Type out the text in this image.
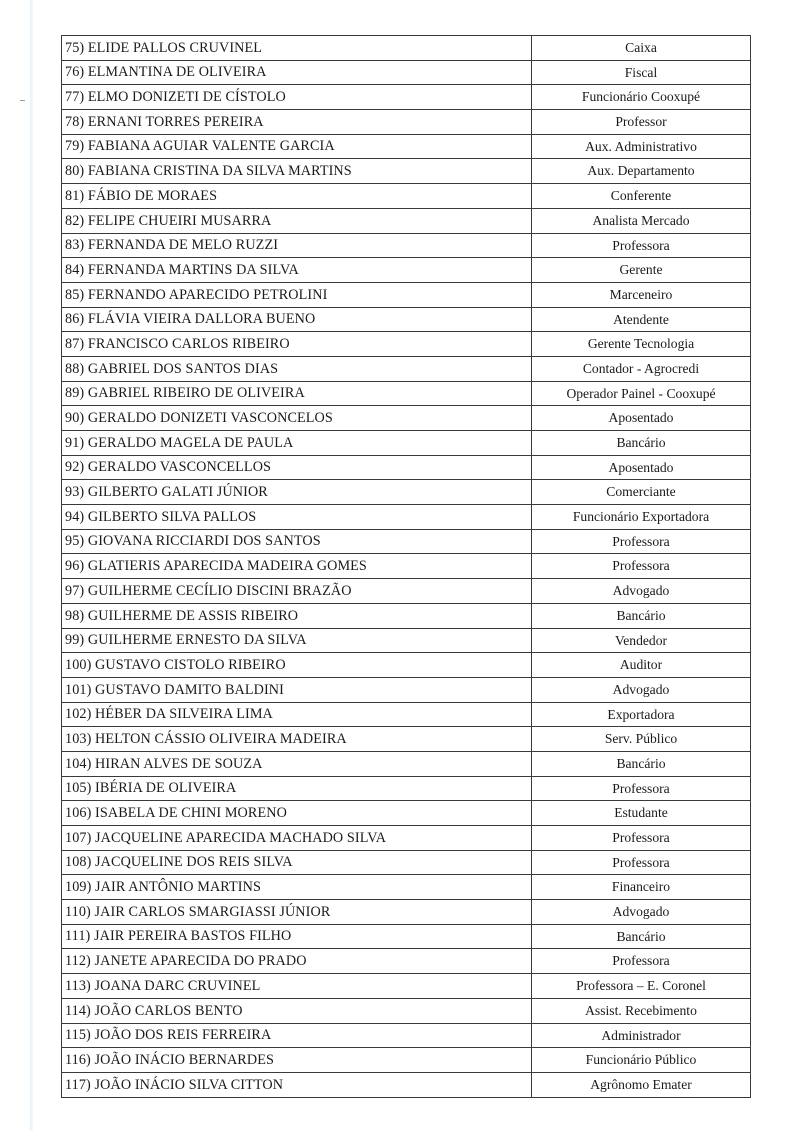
75) ELIDE PALLOS CRUVINEL	Caixa
76) ELMANTINA DE OLIVEIRA	Fiscal
77) ELMO DONIZETI DE CÍSTOLO	Funcionário Cooxupé
78) ERNANI TORRES PEREIRA	Professor
79) FABIANA AGUIAR VALENTE GARCIA	Aux. Administrativo
80) FABIANA CRISTINA DA SILVA MARTINS	Aux. Departamento
81) FÁBIO DE MORAES	Conferente
82) FELIPE CHUEIRI MUSARRA	Analista Mercado
83) FERNANDA DE MELO RUZZI	Professora
84) FERNANDA MARTINS DA SILVA	Gerente
85) FERNANDO APARECIDO PETROLINI	Marceneiro
86) FLÁVIA VIEIRA DALLORA BUENO	Atendente
87) FRANCISCO CARLOS RIBEIRO	Gerente Tecnologia
88) GABRIEL DOS SANTOS DIAS	Contador - Agrocredi
89) GABRIEL RIBEIRO DE OLIVEIRA	Operador Painel - Cooxupé
90) GERALDO DONIZETI VASCONCELOS	Aposentado
91) GERALDO MAGELA DE PAULA	Bancário
92) GERALDO VASCONCELLOS	Aposentado
93) GILBERTO GALATI JÚNIOR	Comerciante
94) GILBERTO SILVA PALLOS	Funcionário Exportadora
95) GIOVANA RICCIARDI DOS SANTOS	Professora
96) GLATIERIS APARECIDA MADEIRA GOMES	Professora
97) GUILHERME CECÍLIO DISCINI BRAZÃO	Advogado
98) GUILHERME DE ASSIS RIBEIRO	Bancário
99) GUILHERME ERNESTO DA SILVA	Vendedor
100) GUSTAVO CISTOLO RIBEIRO	Auditor
101) GUSTAVO DAMITO BALDINI	Advogado
102) HÉBER DA SILVEIRA LIMA	Exportadora
103) HELTON CÁSSIO OLIVEIRA MADEIRA	Serv. Público
104) HIRAN ALVES DE SOUZA	Bancário
105) IBÉRIA DE OLIVEIRA	Professora
106) ISABELA DE CHINI MORENO	Estudante
107) JACQUELINE APARECIDA MACHADO SILVA	Professora
108) JACQUELINE DOS REIS SILVA	Professora
109) JAIR ANTÔNIO MARTINS	Financeiro
110) JAIR CARLOS SMARGIASSI JÚNIOR	Advogado
111) JAIR PEREIRA BASTOS FILHO	Bancário
112) JANETE APARECIDA DO PRADO	Professora
113) JOANA DARC CRUVINEL	Professora – E. Coronel
114) JOÃO CARLOS BENTO	Assist. Recebimento
115) JOÃO DOS REIS FERREIRA	Administrador
116) JOÃO INÁCIO BERNARDES	Funcionário Público
117) JOÃO INÁCIO SILVA CITTON	Agrônomo Emater
